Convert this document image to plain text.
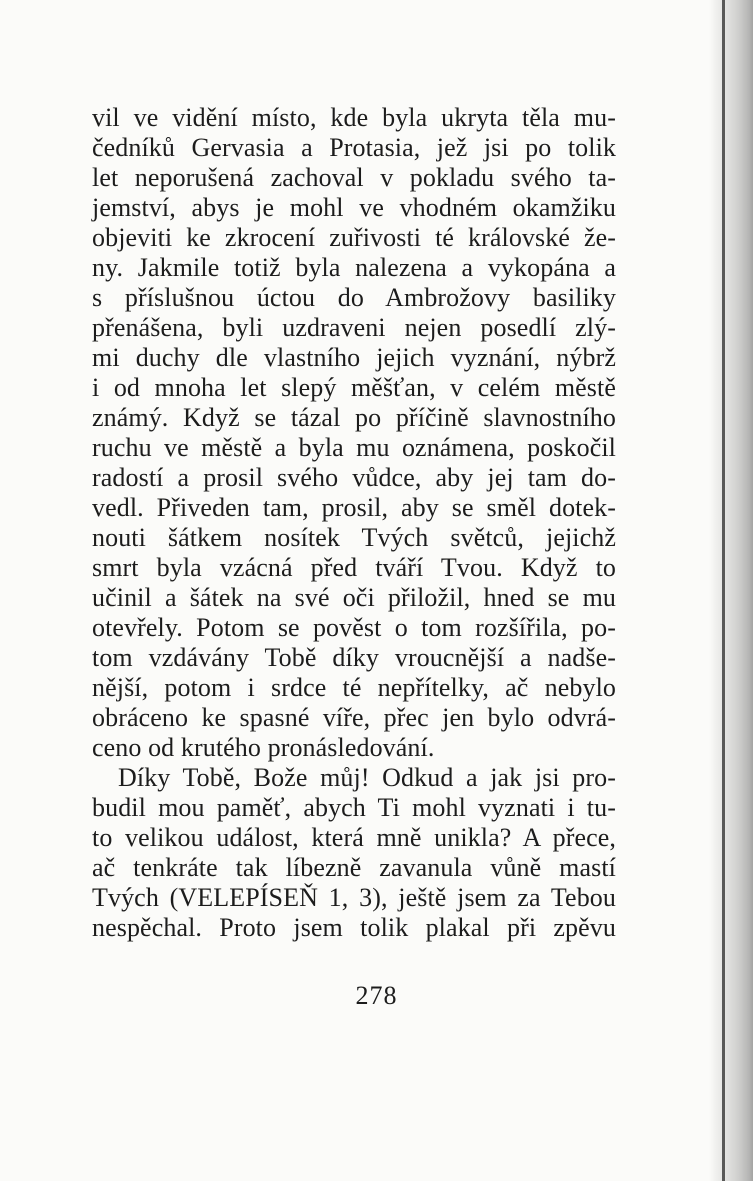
vil ve vidění místo, kde byla ukryta těla mu-
čedníků Gervasia a Protasia, jež jsi po tolik
let neporušená zachoval v pokladu svého ta-
jemství, abys je mohl ve vhodném okamžiku
objeviti ke zkrocení zuřivosti té královské že-
ny. Jakmile totiž byla nalezena a vykopána a
s příslušnou úctou do Ambrožovy basiliky
přenášena, byli uzdraveni nejen posedlí zlý-
mi duchy dle vlastního jejich vyznání, nýbrž
i od mnoha let slepý měšťan, v celém městě
známý. Když se tázal po příčině slavnostního
ruchu ve městě a byla mu oznámena, poskočil
radostí a prosil svého vůdce, aby jej tam do-
vedl. Přiveden tam, prosil, aby se směl dotek-
nouti šátkem nosítek Tvých světců, jejichž
smrt byla vzácná před tváří Tvou. Když to
učinil a šátek na své oči přiložil, hned se mu
otevřely. Potom se pověst o tom rozšířila, po-
tom vzdávány Tobě díky vroucnější a nadše-
nější, potom i srdce té nepřítelky, ač nebylo
obráceno ke spasné víře, přec jen bylo odvrá-
ceno od krutého pronásledování.
Díky Tobě, Bože můj! Odkud a jak jsi pro-
budil mou paměť, abych Ti mohl vyznati i tu-
to velikou událost, která mně unikla? A přece,
ač tenkráte tak líbezně zavanula vůně mastí
Tvých (VELEPÍSEŇ 1, 3), ještě jsem za Tebou
nespěchal. Proto jsem tolik plakal při zpěvu
278
